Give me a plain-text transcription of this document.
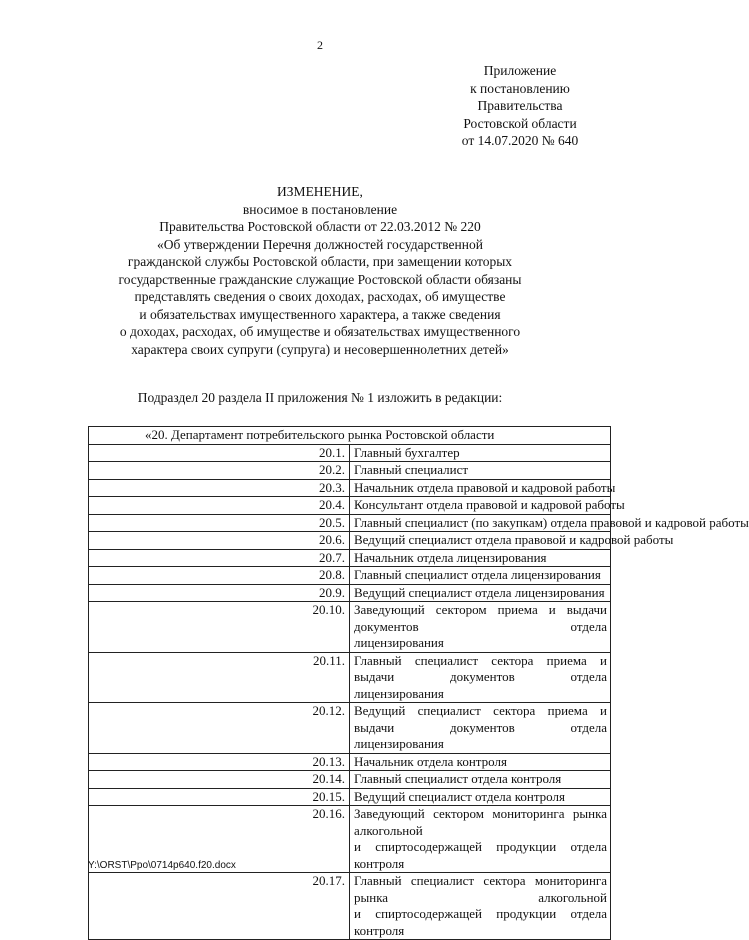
2
Приложение
к постановлению
Правительства
Ростовской области
от 14.07.2020 № 640
ИЗМЕНЕНИЕ,
вносимое в постановление
Правительства Ростовской области от 22.03.2012 № 220
«Об утверждении Перечня должностей государственной
гражданской службы Ростовской области, при замещении которых
государственные гражданские служащие Ростовской области обязаны
представлять сведения о своих доходах, расходах, об имуществе
и обязательствах имущественного характера, а также сведения
о доходах, расходах, об имуществе и обязательствах имущественного
характера своих супруги (супруга) и несовершеннолетних детей»
Подраздел 20 раздела II приложения № 1 изложить в редакции:
«20. Департамент потребительского рынка Ростовской области	
20.1.	Главный бухгалтер
20.2.	Главный специалист
20.3.	Начальник отдела правовой и кадровой работы
20.4.	Консультант отдела правовой и кадровой работы
20.5.	Главный специалист (по закупкам) отдела правовой и кадровой работы
20.6.	Ведущий специалист отдела правовой и кадровой работы
20.7.	Начальник отдела лицензирования
20.8.	Главный специалист отдела лицензирования
20.9.	Ведущий специалист отдела лицензирования
20.10.	Заведующий сектором приема и выдачи документов отдела
лицензирования
20.11.	Главный специалист сектора приема и выдачи документов отдела
лицензирования
20.12.	Ведущий специалист сектора приема и выдачи документов отдела
лицензирования
20.13.	Начальник отдела контроля
20.14.	Главный специалист отдела контроля
20.15.	Ведущий специалист отдела контроля
20.16.	Заведующий сектором мониторинга рынка алкогольной
и спиртосодержащей продукции отдела контроля
20.17.	Главный специалист сектора мониторинга рынка алкогольной
и спиртосодержащей продукции отдела контроля
Y:\ORST\Ppo\0714p640.f20.docx
